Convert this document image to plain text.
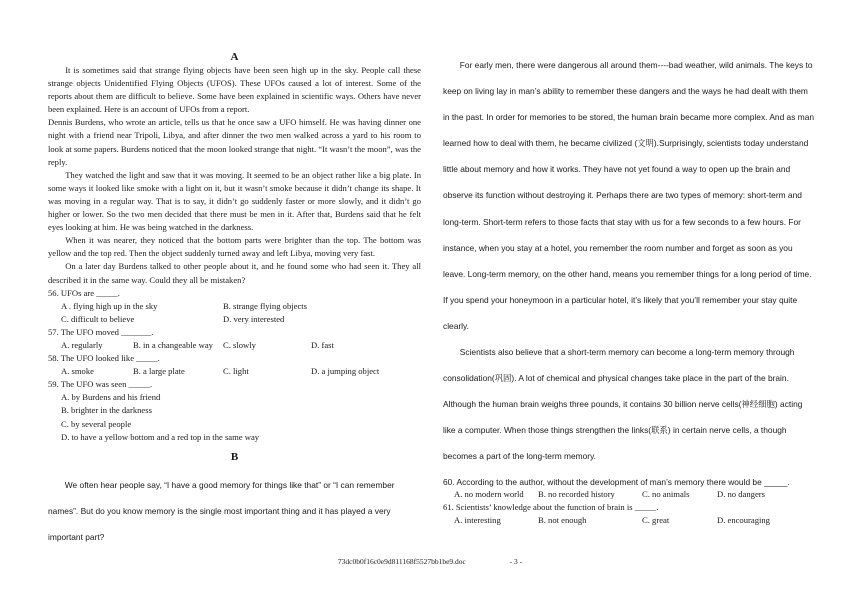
A

It is sometimes said that strange flying objects have been seen high up in the sky. People call these strange objects Unidentified Flying Objects (UFOS). These UFOs caused a lot of interest. Some of the reports about them are difficult to believe. Some have been explained in scientific ways. Others have never been explained. Here is an account of UFOs from a report.

Dennis Burdens, who wrote an article, tells us that he once saw a UFO himself. He was having dinner one night with a friend near Tripoli, Libya, and after dinner the two men walked across a yard to his room to look at some papers. Burdens noticed that the moon looked strange that night. “It wasn’t the moon”, was the reply.

They watched the light and saw that it was moving. It seemed to be an object rather like a big plate. In some ways it looked like smoke with a light on it, but it wasn’t smoke because it didn’t change its shape. It was moving in a regular way. That is to say, it didn’t go suddenly faster or more slowly, and it didn’t go higher or lower. So the two men decided that there must be men in it. After that, Burdens said that he felt eyes looking at him. He was being watched in the darkness.

When it was nearer, they noticed that the bottom parts were brighter than the top. The bottom was yellow and the top red. Then the object suddenly turned away and left Libya, moving very fast.

On a later day Burdens talked to other people about it, and he found some who had seen it. They all described it in the same way. Could they all be mistaken?

56. UFOs are _____.

A . flying high up in the sky	B. strange flying objects
C. difficult to believe	D. very interested

57. The UFO moved _______.

A. regularly	B. in a changeable way	C. slowly	D. fast

58. The UFO looked like _____.

A. smoke	B. a large plate	C. light	D. a jumping object

59. The UFO was seen _____.

A. by Burdens and his friend

B. brighter in the darkness

C. by several people

D. to have a yellow bottom and a red top in the same way

B

We often hear people say, “I have a good memory for things like that” or “I can remember names”. But do you know memory is the single most important thing and it has played a very important part?

For early men, there were dangerous all around them----bad weather, wild animals. The keys to keep on living lay in man’s ability to remember these dangers and the ways he had dealt with them in the past. In order for memories to be stored, the human brain became more complex. And as man learned how to deal with them, he became civilized (文明).Surprisingly, scientists today understand little about memory and how it works. They have not yet found a way to open up the brain and observe its function without destroying it. Perhaps there are two types of memory: short-term and long-term. Short-term refers to those facts that stay with us for a few seconds to a few hours. For instance, when you stay at a hotel, you remember the room number and forget as soon as you leave. Long-term memory, on the other hand, means you remember things for a long period of time. If you spend your honeymoon in a particular hotel, it’s likely that you’ll remember your stay quite clearly.

Scientists also believe that a short-term memory can become a long-term memory through consolidation(巩固). A lot of chemical and physical changes take place in the part of the brain. Although the human brain weighs three pounds, it contains 30 billion nerve cells(神经细胞) acting like a computer. When those things strengthen the links(联系) in certain nerve cells, a though becomes a part of the long-term memory.

60. According to the author, without the development of man’s memory there would be _____.

A. no modern world	B. no recorded history	C. no animals	D. no dangers

61. Scientists’ knowledge about the function of brain is _____.

A. interesting	B. not enough	C. great	D. encouraging
73dc0b0f16c0e9d811168f5527bb1be9.doc	- 3 -
